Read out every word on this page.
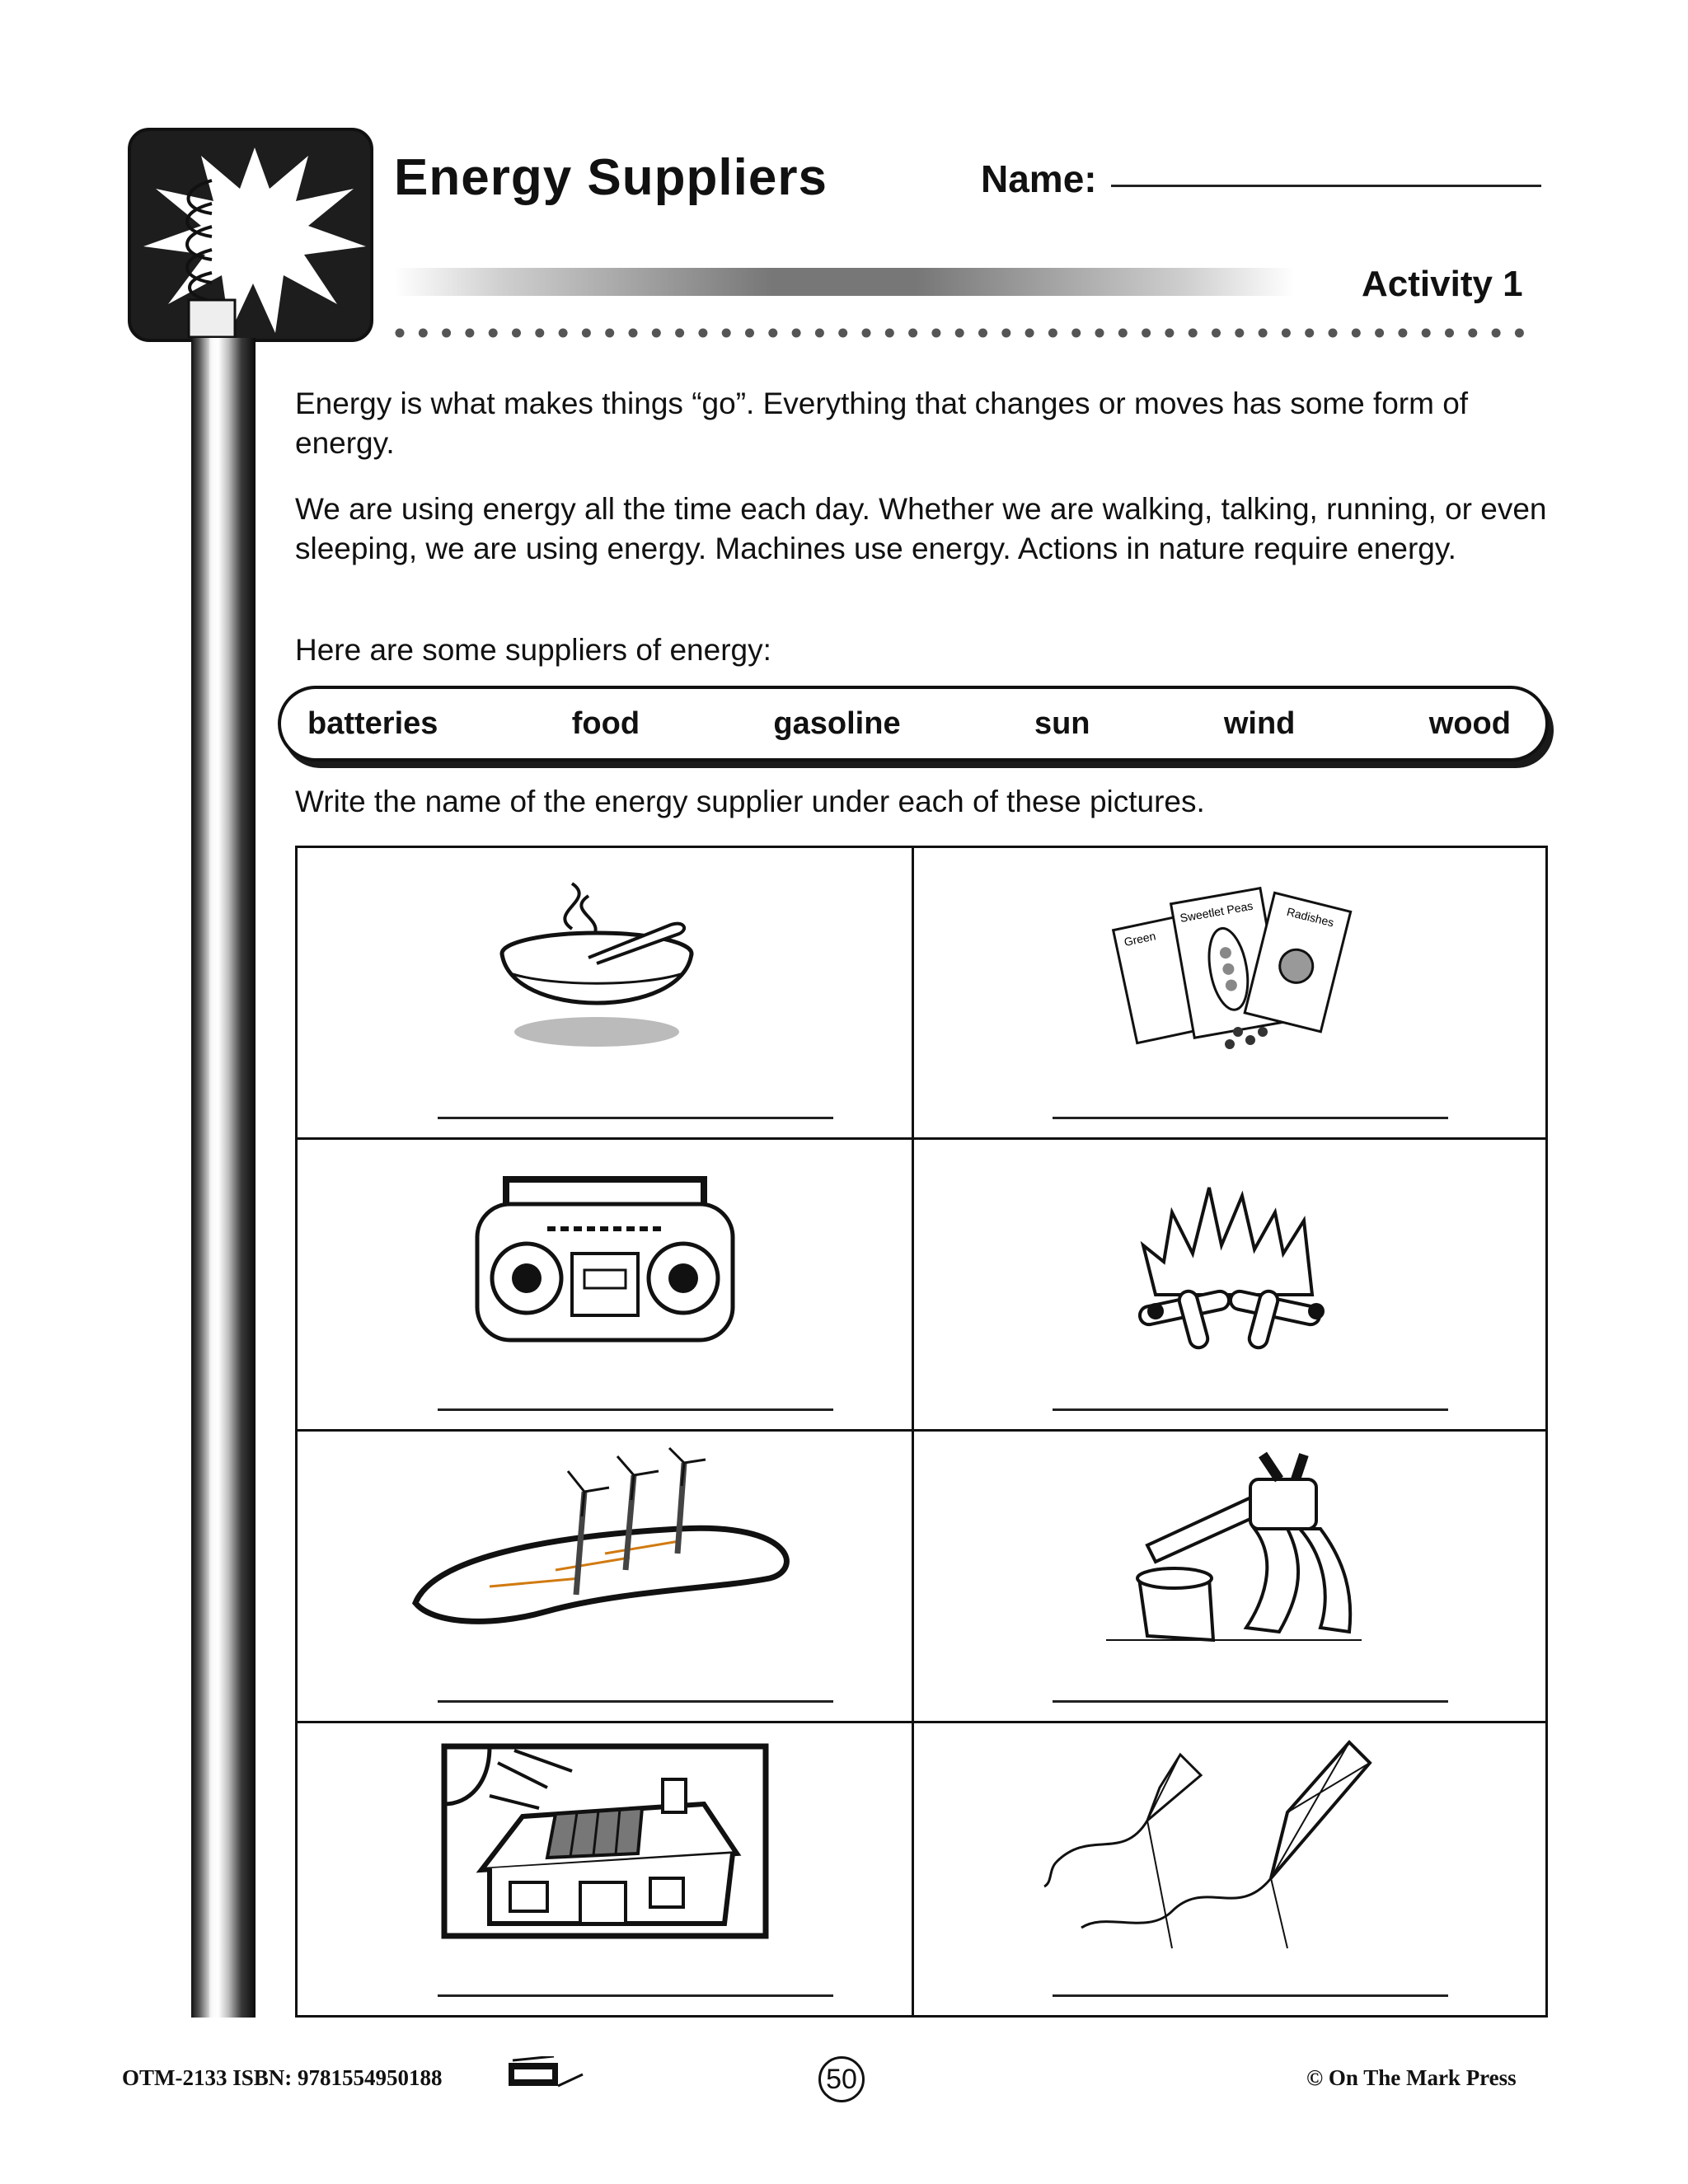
Energy Suppliers	Name:
Activity 1

Energy is what makes things “go”. Everything that changes or moves has some form of energy.

We are using energy all the time each day. Whether we are walking, talking, running, or even sleeping, we are using energy. Machines use energy. Actions in nature require energy.

Here are some suppliers of energy:

batteries	food	gasoline	sun	wind	wood

Write the name of the energy supplier under each of these pictures.

Green
Sweetlet Peas	Radishes
OTM-2133 ISBN: 9781554950188	50	© On The Mark Press
